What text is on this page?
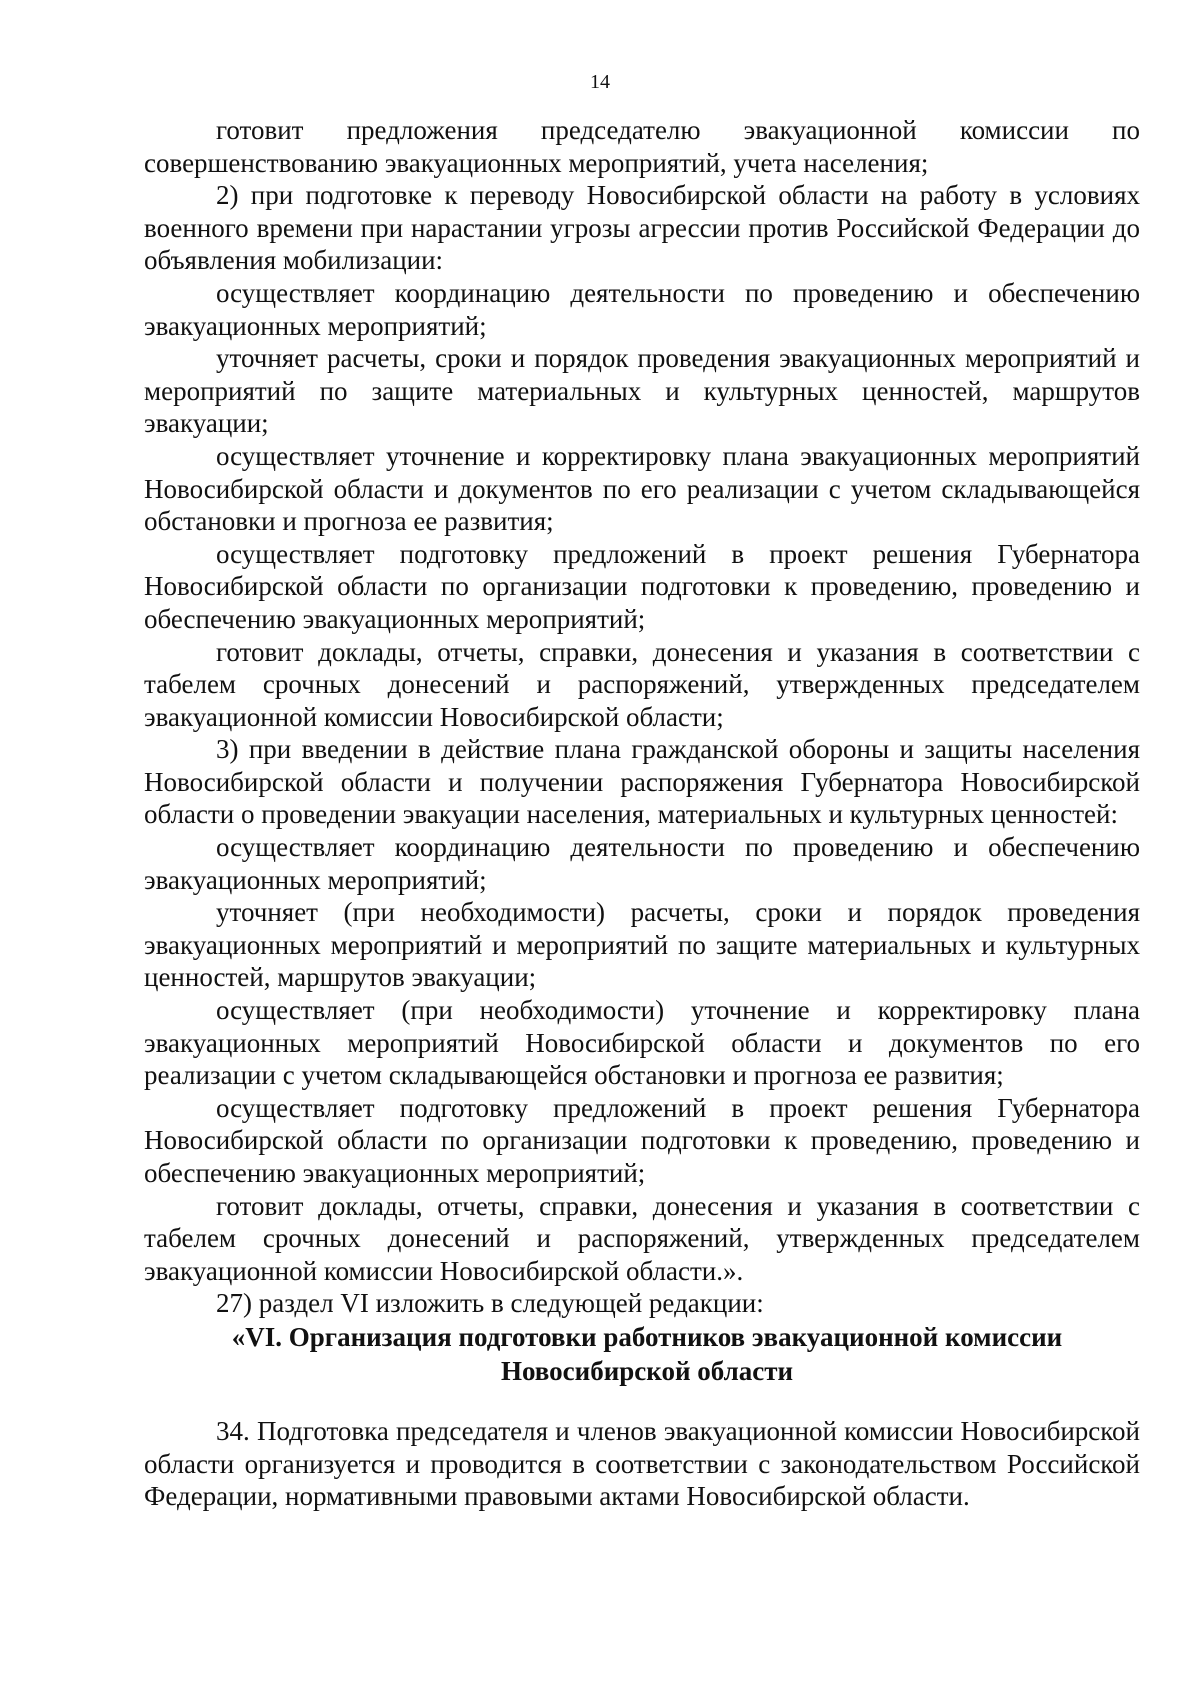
14

готовит предложения председателю эвакуационной комиссии по совершенствованию эвакуационных мероприятий, учета населения;

2) при подготовке к переводу Новосибирской области на работу в условиях военного времени при нарастании угрозы агрессии против Российской Федерации до объявления мобилизации:

осуществляет координацию деятельности по проведению и обеспечению эвакуационных мероприятий;

уточняет расчеты, сроки и порядок проведения эвакуационных мероприятий и мероприятий по защите материальных и культурных ценностей, маршрутов эвакуации;

осуществляет уточнение и корректировку плана эвакуационных мероприятий Новосибирской области и документов по его реализации с учетом складывающейся обстановки и прогноза ее развития;

осуществляет подготовку предложений в проект решения Губернатора Новосибирской области по организации подготовки к проведению, проведению и обеспечению эвакуационных мероприятий;

готовит доклады, отчеты, справки, донесения и указания в соответствии с табелем срочных донесений и распоряжений, утвержденных председателем эвакуационной комиссии Новосибирской области;

3) при введении в действие плана гражданской обороны и защиты населения Новосибирской области и получении распоряжения Губернатора Новосибирской области о проведении эвакуации населения, материальных и культурных ценностей:

осуществляет координацию деятельности по проведению и обеспечению эвакуационных мероприятий;

уточняет (при необходимости) расчеты, сроки и порядок проведения эвакуационных мероприятий и мероприятий по защите материальных и культурных ценностей, маршрутов эвакуации;

осуществляет (при необходимости) уточнение и корректировку плана эвакуационных мероприятий Новосибирской области и документов по его реализации с учетом складывающейся обстановки и прогноза ее развития;

осуществляет подготовку предложений в проект решения Губернатора Новосибирской области по организации подготовки к проведению, проведению и обеспечению эвакуационных мероприятий;

готовит доклады, отчеты, справки, донесения и указания в соответствии с табелем срочных донесений и распоряжений, утвержденных председателем эвакуационной комиссии Новосибирской области.».

27) раздел VI изложить в следующей редакции:

«VI. Организация подготовки работников эвакуационной комиссии

Новосибирской области

34. Подготовка председателя и членов эвакуационной комиссии Новосибирской области организуется и проводится в соответствии с законодательством Российской Федерации, нормативными правовыми актами Новосибирской области.
